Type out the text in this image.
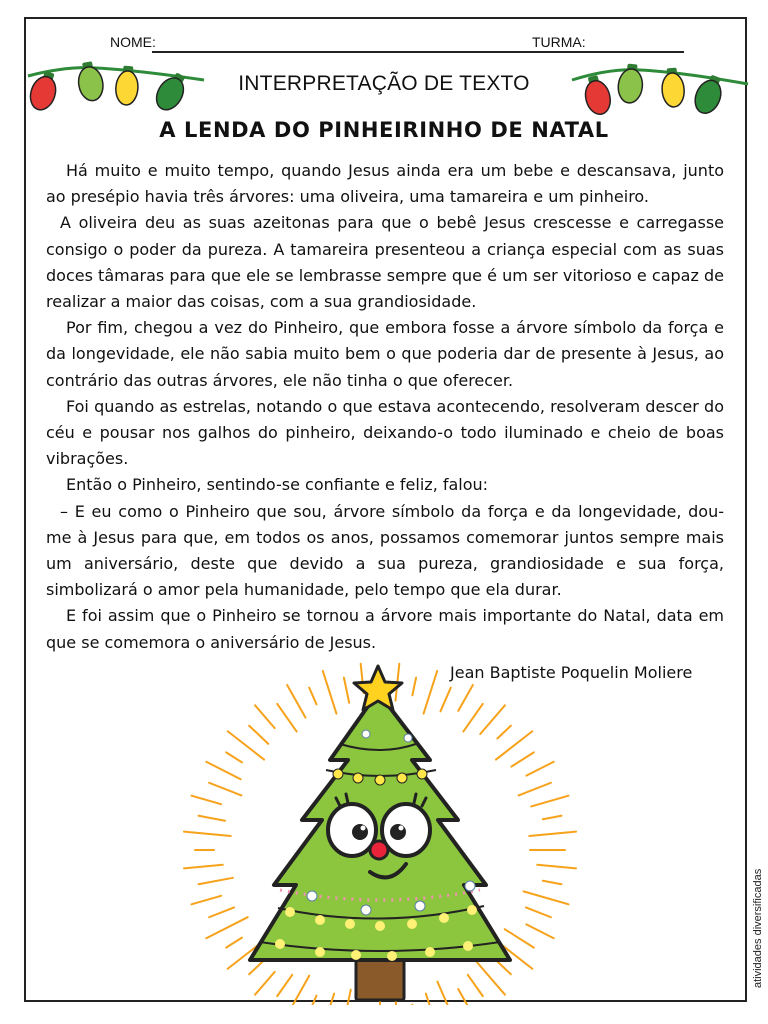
NOME:	TURMA:
INTERPRETAÇÃO DE TEXTO
A LENDA DO PINHEIRINHO DE NATAL

Há muito e muito tempo, quando Jesus ainda era um bebe e descansava, junto ao presépio havia três árvores: uma oliveira, uma tamareira e um pinheiro.

A oliveira deu as suas azeitonas para que o bebê Jesus crescesse e carregasse consigo o poder da pureza. A tamareira presenteou a criança especial com as suas doces tâmaras para que ele se lembrasse sempre que é um ser vitorioso e capaz de realizar a maior das coisas, com a sua grandiosidade.

Por fim, chegou a vez do Pinheiro, que embora fosse a árvore símbolo da força e da longevidade, ele não sabia muito bem o que poderia dar de presente à Jesus, ao contrário das outras árvores, ele não tinha o que oferecer.

Foi quando as estrelas, notando o que estava acontecendo, resolveram descer do céu e pousar nos galhos do pinheiro, deixando-o todo iluminado e cheio de boas vibrações.

Então o Pinheiro, sentindo-se confiante e feliz, falou:

– E eu como o Pinheiro que sou, árvore símbolo da força e da longevidade, dou-me à Jesus para que, em todos os anos, possamos comemorar juntos sempre mais um aniversário, deste que devido a sua pureza, grandiosidade e sua força, simbolizará o amor pela humanidade, pelo tempo que ela durar.

E foi assim que o Pinheiro se tornou a árvore mais importante do Natal, data em que se comemora o aniversário de Jesus.

Jean Baptiste Poquelin Moliere
atividades diversificadas
